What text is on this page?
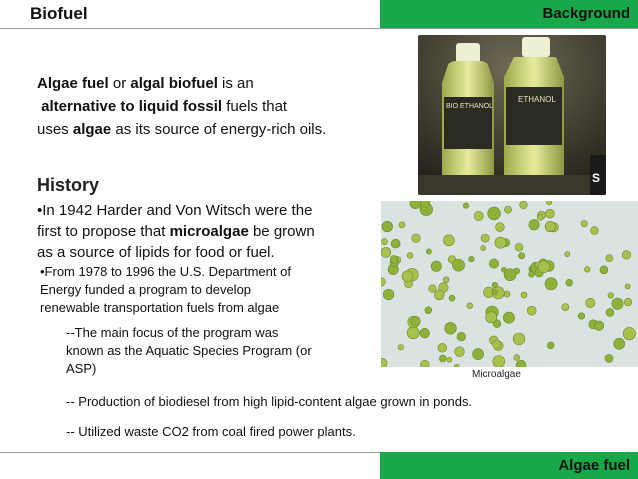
Background
Biofuel
Algae fuel or algal biofuel is an
alternative to liquid fossil fuels that
uses algae as its source of energy-rich oils.
History
•In 1942 Harder and Von Witsch were the
first to propose that microalgae be grown
as a source of lipids for food or fuel.
•From 1978 to 1996 the U.S. Department of
Energy funded a program to develop
renewable transportation fuels from algae
--The main focus of the program was
known as the Aquatic Species Program (or
ASP)
-- Production of biodiesel from high lipid-content algae grown in ponds.
-- Utilized waste CO2 from coal fired power plants.
BIO ETHANOL
ETHANOL
S
Microalgae
Algae fuel
